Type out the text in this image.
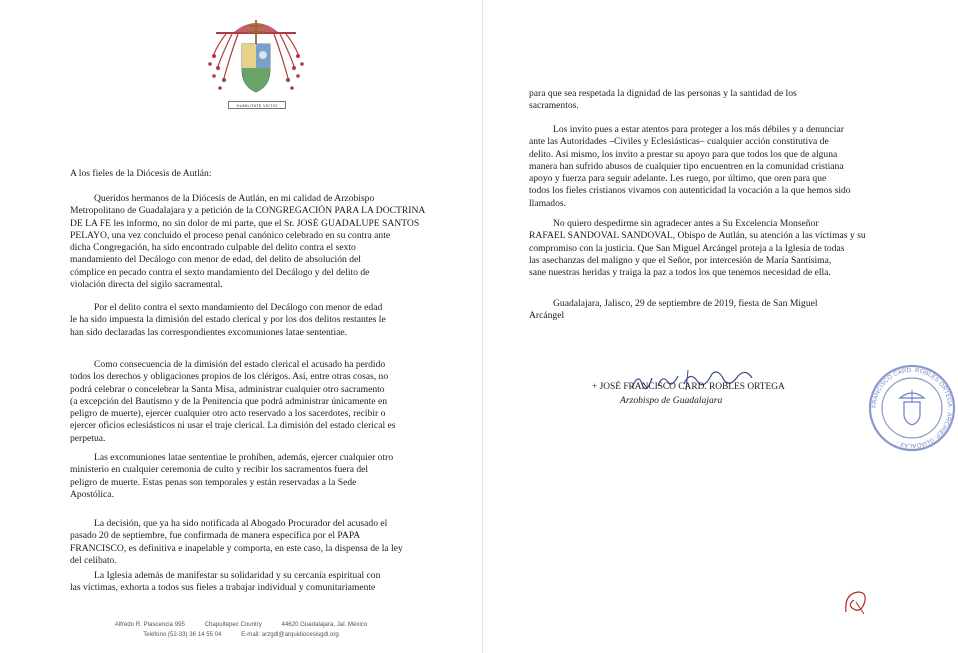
HUMILITATE VICTIO
A los fieles de la Diócesis de Autlán:
Queridos hermanos de la Diócesis de Autlán, en mi calidad de Arzobispo
Metropolitano de Guadalajara y a petición de la CONGREGACIÓN PARA LA DOCTRINA
DE LA FE les informo, no sin dolor de mi parte, que el Sr. JOSÉ GUADALUPE SANTOS
PELAYO, una vez concluido el proceso penal canónico celebrado en su contra ante
dicha Congregación, ha sido encontrado culpable del delito contra el sexto
mandamiento del Decálogo con menor de edad, del delito de absolución del
cómplice en pecado contra el sexto mandamiento del Decálogo y del delito de
violación directa del sigilo sacramental.
Por el delito contra el sexto mandamiento del Decálogo con menor de edad
le ha sido impuesta la dimisión del estado clerical y por los dos delitos restantes le
han sido declaradas las correspondientes excomuniones latae sententiae.
Como consecuencia de la dimisión del estado clerical el acusado ha perdido
todos los derechos y obligaciones propios de los clérigos. Así, entre otras cosas, no
podrá celebrar o concelebrar la Santa Misa, administrar cualquier otro sacramento
(a excepción del Bautismo y de la Penitencia que podrá administrar únicamente en
peligro de muerte), ejercer cualquier otro acto reservado a los sacerdotes, recibir o
ejercer oficios eclesiásticos ni usar el traje clerical. La dimisión del estado clerical es
perpetua.
Las excomuniones latae sententiae le prohíben, además, ejercer cualquier otro
ministerio en cualquier ceremonia de culto y recibir los sacramentos fuera del
peligro de muerte. Estas penas son temporales y están reservadas a la Sede
Apostólica.
La decisión, que ya ha sido notificada al Abogado Procurador del acusado el
pasado 20 de septiembre, fue confirmada de manera específica por el PAPA
FRANCISCO, es definitiva e inapelable y comporta, en este caso, la dispensa de la ley
del celibato.
La Iglesia además de manifestar su solidaridad y su cercanía espiritual con
las víctimas, exhorta a todos sus fieles a trabajar individual y comunitariamente
Alfredo R. Plascencia 995	Chapultepec Country	44620 Guadalajara, Jal. México
Teléfono (52-33) 36 14 55 04	E-mail: arzgdl@arquidiocesisgdl.org
para que sea respetada la dignidad de las personas y la santidad de los
sacramentos.
Los invito pues a estar atentos para proteger a los más débiles y a denunciar
ante las Autoridades –Civiles y Eclesiásticas– cualquier acción constitutiva de
delito. Así mismo, los invito a prestar su apoyo para que todos los que de alguna
manera han sufrido abusos de cualquier tipo encuentren en la comunidad cristiana
apoyo y fuerza para seguir adelante. Les ruego, por último, que oren para que
todos los fieles cristianos vivamos con autenticidad la vocación a la que hemos sido
llamados.
No quiero despedirme sin agradecer antes a Su Excelencia Monseñor
RAFAEL SANDOVAL SANDOVAL, Obispo de Autlán, su atención a las víctimas y su
compromiso con la justicia. Que San Miguel Arcángel proteja a la Iglesia de todas
las asechanzas del maligno y que el Señor, por intercesión de María Santísima,
sane nuestras heridas y traiga la paz a todos los que tenemos necesidad de ella.
Guadalajara, Jalisco, 29 de septiembre de 2019, fiesta de San Miguel
Arcángel
+ JOSÉ FRANCISCO CARD. ROBLES ORTEGA
Arzobispo de Guadalajara
FRANCISCO CARD. ROBLES ORTEGA · ARCHIEP. GUADALAX ·
